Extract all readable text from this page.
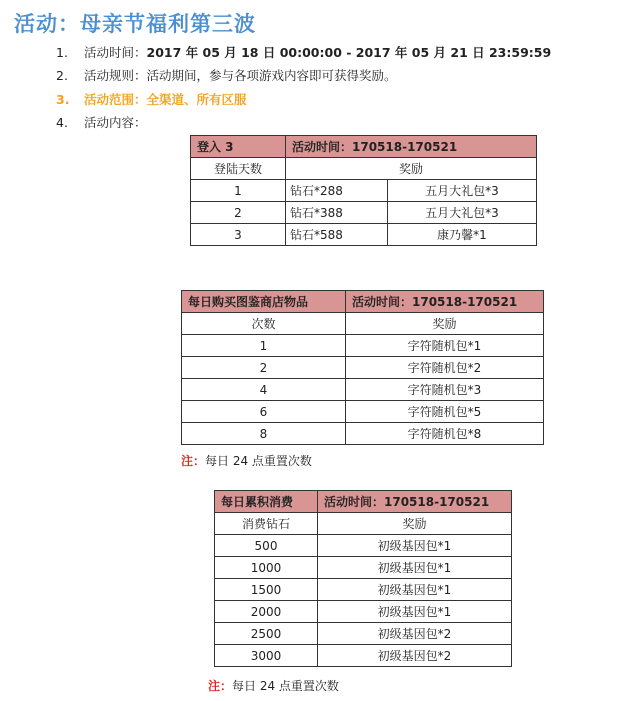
活动：母亲节福利第三波
1. 活动时间：2017 年 05 月 18 日 00:00:00 - 2017 年 05 月 21 日 23:59:59
2. 活动规则：活动期间，参与各项游戏内容即可获得奖励。
3. 活动范围：全渠道、所有区服
4. 活动内容：
登入 3	活动时间：170518-170521	
登陆天数	奖励	
1	钻石*288	五月大礼包*3
2	钻石*388	五月大礼包*3
3	钻石*588	康乃馨*1
每日购买图鉴商店物品	活动时间：170518-170521
次数	奖励
1	字符随机包*1
2	字符随机包*2
4	字符随机包*3
6	字符随机包*5
8	字符随机包*8
注：每日 24 点重置次数
每日累积消费	活动时间：170518-170521
消费钻石	奖励
500	初级基因包*1
1000	初级基因包*1
1500	初级基因包*1
2000	初级基因包*1
2500	初级基因包*2
3000	初级基因包*2
注：每日 24 点重置次数
